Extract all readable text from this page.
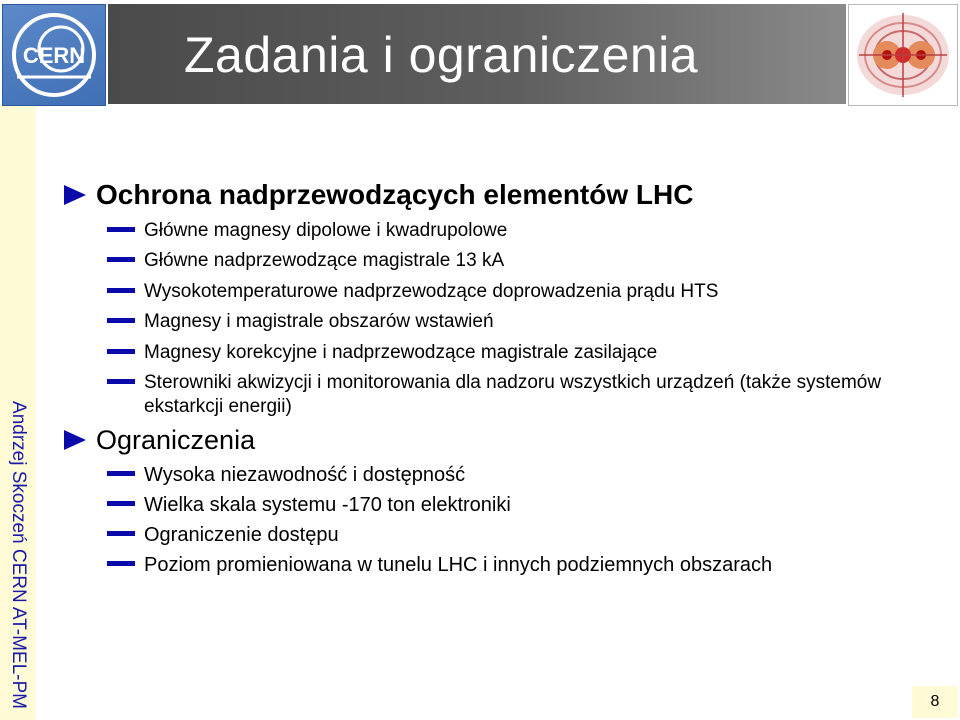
CERN Zadania i ograniczenia
Andrzej Skoczeń CERN AT-MEL-PM
Ochrona nadprzewodzących elementów LHC
Główne magnesy dipolowe i kwadrupolowe
Główne nadprzewodzące magistrale 13 kA
Wysokotemperaturowe nadprzewodzące doprowadzenia prądu HTS
Magnesy i magistrale obszarów wstawień
Magnesy korekcyjne i nadprzewodzące magistrale zasilające
Sterowniki akwizycji i monitorowania dla nadzoru wszystkich urządzeń (także systemów ekstarkcji energii)
Ograniczenia
Wysoka niezawodność i dostępność
Wielka skala systemu -170 ton elektroniki
Ograniczenie dostępu
Poziom promieniowana w tunelu LHC i innych podziemnych obszarach
8
